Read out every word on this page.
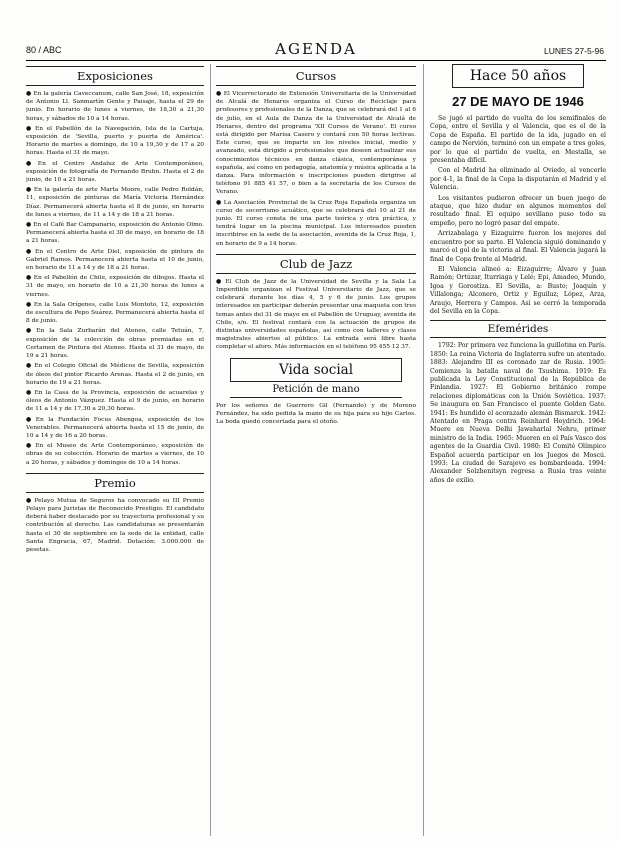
80 / ABC	AGENDA	LUNES 27-5-96
Exposiciones

● En la galería Caveccanum, calle San José, 18, exposición de Antonio Ll. Sanmartín Gente y Paisaje, hasta el 29 de junio. En horario de lunes a viernes, de 18,30 a 21,30 horas, y sábados de 10 a 14 horas.

● En el Pabellón de la Navegación, Isla de la Cartuja, exposición de 'Sevilla, puerto y puerta de América'. Horario de martes a domingo, de 10 a 19,30 y de 17 a 20 horas. Hasta el 31 de mayo.

● En el Centro Andaluz de Arte Contemporáneo, exposición de fotografía de Fernando Bruhn. Hasta el 2 de junio, de 10 a 21 horas.

● En la galería de arte Marta Moore, calle Pedro Roldán, 11, exposición de pinturas de María Victoria Hernández Díaz. Permanecerá abierta hasta el 8 de junio, en horario de lunes a viernes, de 11 a 14 y de 18 a 21 horas.

● En el Café Bar Campanario, exposición de Antonio Olmo. Permanecerá abierta hasta el 30 de mayo, en horario de 18 a 21 horas.

● En el Centro de Arte Diel, exposición de pintura de Gabriel Ramos. Permanecerá abierta hasta el 10 de junio, en horario de 11 a 14 y de 18 a 21 horas.

● En el Pabellón de Chile, exposición de dibujos. Hasta el 31 de mayo, en horario de 10 a 21,30 horas de lunes a viernes.

● En la Sala Orígenes, calle Luis Montoto, 12, exposición de escultura de Pepo Suárez. Permanecerá abierta hasta el 8 de junio.

● En la Sala Zurbarán del Ateneo, calle Tetuán, 7, exposición de la colección de obras premiadas en el Certamen de Pintura del Ateneo. Hasta el 31 de mayo, de 19 a 21 horas.

● En el Colegio Oficial de Médicos de Sevilla, exposición de óleos del pintor Ricardo Arenas. Hasta el 2 de junio, en horario de 19 a 21 horas.

● En la Casa de la Provincia, exposición de acuarelas y óleos de Antonio Vázquez. Hasta el 9 de junio, en horario de 11 a 14 y de 17,30 a 20,30 horas.

● En la Fundación Focus Abengoa, exposición de los Venerables. Permanecerá abierta hasta el 15 de junio, de 10 a 14 y de 16 a 20 horas.

● En el Museo de Arte Contemporáneo, exposición de obras de su colección. Horario de martes a viernes, de 10 a 20 horas, y sábados y domingos de 10 a 14 horas.

Premio

● Pelayo Mutua de Seguros ha convocado su III Premio Pelayo para Juristas de Reconocido Prestigio. El candidato deberá haber destacado por su trayectoria profesional y su contribución al derecho. Las candidaturas se presentarán hasta el 30 de septiembre en la sede de la entidad, calle Santa Engracia, 67, Madrid. Dotación: 3.000.000 de pesetas.

Cursos

● El Vicerrectorado de Extensión Universitaria de la Universidad de Alcalá de Henares organiza el Curso de Reciclaje para profesores y profesionales de la Danza, que se celebrará del 1 al 6 de julio, en el Aula de Danza de la Universidad de Alcalá de Henares, dentro del programa 'XII Cursos de Verano'. El curso está dirigido por Marisa Casero y contará con 50 horas lectivas. Este curso, que se imparte en los niveles inicial, medio y avanzado, está dirigido a profesionales que deseen actualizar sus conocimientos técnicos en danza clásica, contemporánea y española, así como en pedagogía, anatomía y música aplicada a la danza. Para información e inscripciones pueden dirigirse al teléfono 91 885 41 57, o bien a la secretaría de los Cursos de Verano.

● La Asociación Provincial de la Cruz Roja Española organiza un curso de socorrismo acuático, que se celebrará del 10 al 21 de junio. El curso consta de una parte teórica y otra práctica, y tendrá lugar en la piscina municipal. Los interesados pueden inscribirse en la sede de la asociación, avenida de la Cruz Roja, 1, en horario de 9 a 14 horas.

Club de Jazz

● El Club de Jazz de la Universidad de Sevilla y la Sala La Imperdible organizan el Festival Universitario de Jazz, que se celebrará durante los días 4, 5 y 6 de junio. Los grupos interesados en participar deberán presentar una maqueta con tres temas antes del 31 de mayo en el Pabellón de Uruguay, avenida de Chile, s/n. El festival contará con la actuación de grupos de distintas universidades españolas, así como con talleres y clases magistrales abiertos al público. La entrada será libre hasta completar el aforo. Más información en el teléfono 95 455 12 37.

Vida social
Petición de mano

Por los señores de Guerrero Gil (Fernando) y de Moreno Fernández, ha sido pedida la mano de su hija para su hijo Carlos. La boda quedó concertada para el otoño.

Hace 50 años
27 DE MAYO DE 1946

Se jugó el partido de vuelta de los semifinales de Copa, entre el Sevilla y el Valencia, que es el de la Copa de España. El partido de la ida, jugado en el campo de Nervión, terminó con un empate a tres goles, por lo que el partido de vuelta, en Mestalla, se presentaba difícil.

Con el Madrid ha eliminado al Oviedo, al vencerle por 4-1, la final de la Copa la disputarán el Madrid y el Valencia.

Los visitantes pudieron ofrecer un buen juego de ataque, que hizo dudar en algunos momentos del resultado final. El equipo sevillano puso todo su empeño, pero no logró pasar del empate.

Arrizabalaga y Eizaguirre fueron los mejores del encuentro por su parte. El Valencia siguió dominando y marcó el gol de la victoria al final. El Valencia jugará la final de Copa frente al Madrid.

El Valencia alineó a: Eizaguirre; Álvaro y Juan Ramón; Ortúzar, Iturriaga y Lelé; Epi, Amadeo, Mundo, Igoa y Gorostiza. El Sevilla, a: Busto; Joaquín y Villalonga; Alconero, Ortiz y Eguiluz; López, Arza, Araujo, Herrera y Campos. Así se cerró la temporada del Sevilla en la Copa.

Efemérides
1792: Por primera vez funciona la guillotina en París. 1850: La reina Victoria de Inglaterra sufre un atentado. 1883: Alejandro III es coronado zar de Rusia. 1905: Comienza la batalla naval de Tsushima. 1919: Es publicada la Ley Constitucional de la República de Finlandia. 1927: El Gobierno británico rompe relaciones diplomáticas con la Unión Soviética. 1937: Se inaugura en San Francisco el puente Golden Gate. 1941: Es hundido el acorazado alemán Bismarck. 1942: Atentado en Praga contra Reinhard Heydrich. 1964: Muere en Nueva Delhi Jawaharlal Nehru, primer ministro de la India. 1965: Mueren en el País Vasco dos agentes de la Guardia Civil. 1980: El Comité Olímpico Español acuerda participar en los Juegos de Moscú. 1993: La ciudad de Sarajevo es bombardeada. 1994: Alexander Solzhenitsyn regresa a Rusia tras veinte años de exilio.
